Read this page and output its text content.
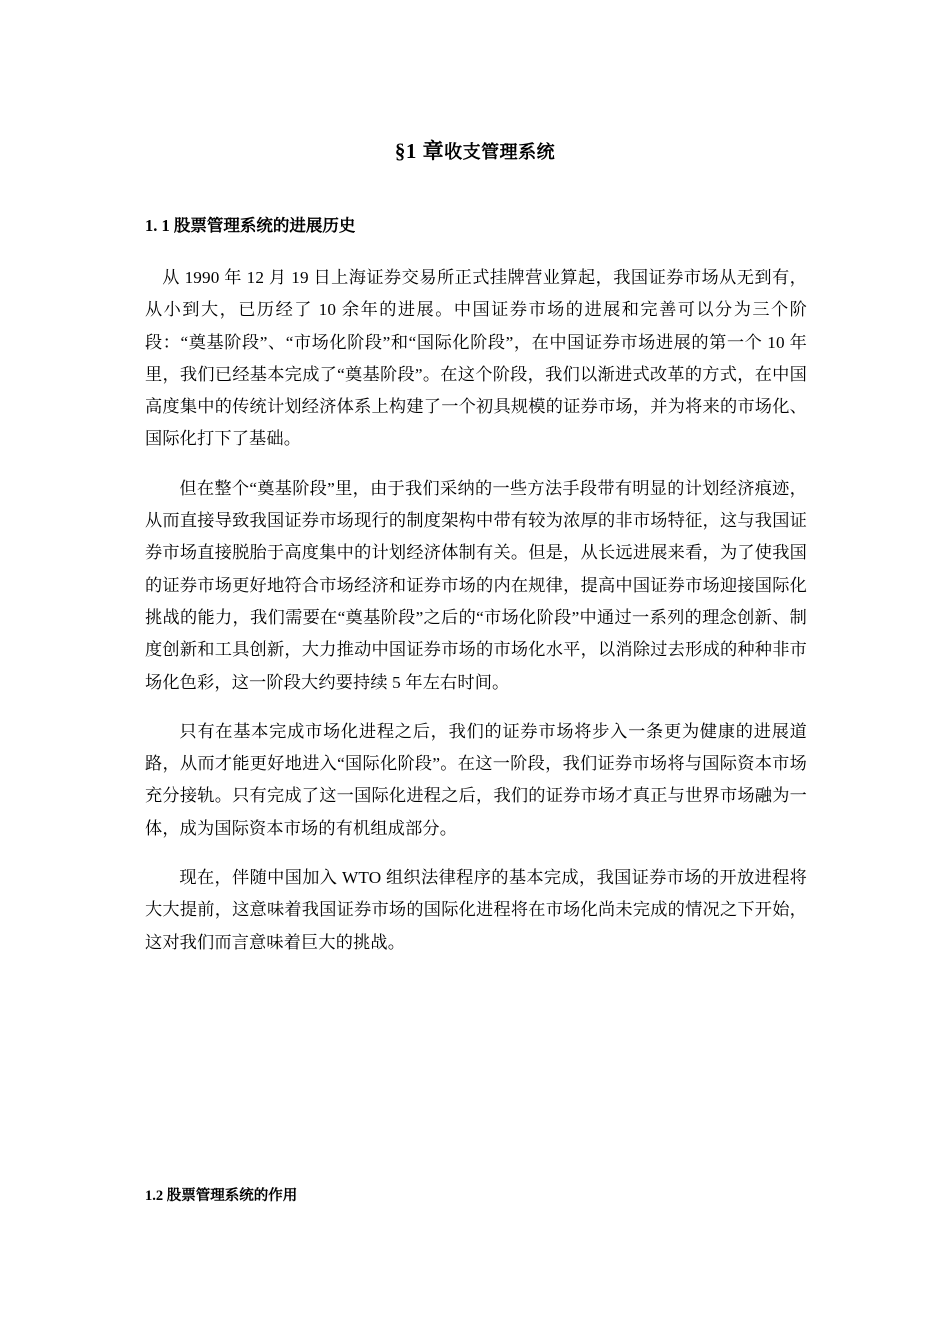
§1 章收支管理系统
1. 1 股票管理系统的进展历史

从 1990 年 12 月 19 日上海证券交易所正式挂牌营业算起，我国证券市场从无到有，从小到大，已历经了 10 余年的进展。中国证券市场的进展和完善可以分为三个阶段：“奠基阶段”、“市场化阶段”和“国际化阶段”，在中国证券市场进展的第一个 10 年里，我们已经基本完成了“奠基阶段”。在这个阶段，我们以渐进式改革的方式，在中国高度集中的传统计划经济体系上构建了一个初具规模的证券市场，并为将来的市场化、国际化打下了基础。

但在整个“奠基阶段”里，由于我们采纳的一些方法手段带有明显的计划经济痕迹，从而直接导致我国证券市场现行的制度架构中带有较为浓厚的非市场特征，这与我国证券市场直接脱胎于高度集中的计划经济体制有关。但是，从长远进展来看，为了使我国的证券市场更好地符合市场经济和证券市场的内在规律，提高中国证券市场迎接国际化挑战的能力，我们需要在“奠基阶段”之后的“市场化阶段”中通过一系列的理念创新、制度创新和工具创新，大力推动中国证券市场的市场化水平，以消除过去形成的种种非市场化色彩，这一阶段大约要持续 5 年左右时间。

只有在基本完成市场化进程之后，我们的证券市场将步入一条更为健康的进展道路，从而才能更好地进入“国际化阶段”。在这一阶段，我们证券市场将与国际资本市场充分接轨。只有完成了这一国际化进程之后，我们的证券市场才真正与世界市场融为一体，成为国际资本市场的有机组成部分。

现在，伴随中国加入 WTO 组织法律程序的基本完成，我国证券市场的开放进程将大大提前，这意味着我国证券市场的国际化进程将在市场化尚未完成的情况之下开始，这对我们而言意味着巨大的挑战。

1.2 股票管理系统的作用
